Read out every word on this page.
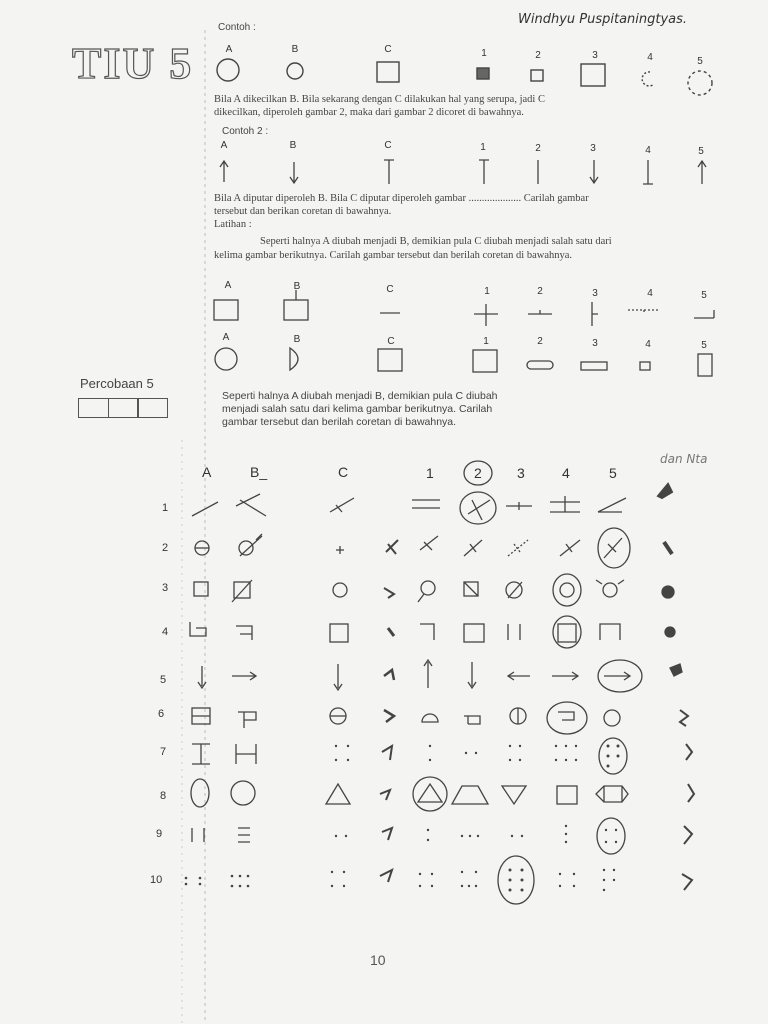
TIU 5
Windhyu Puspitaningtyas.
Contoh :
A	B	C	1	2	3	4	5
Bila A dikecilkan B. Bila sekarang dengan C dilakukan hal yang serupa, jadi C
dikecilkan, diperoleh gambar 2, maka dari gambar 2 dicoret di bawahnya.
Contoh 2 :
A	B	C	1	2	3	4	5
Bila A diputar diperoleh B. Bila C diputar diperoleh gambar .................... Carilah gambar
tersebut dan berikan coretan di bawahnya.
Latihan :
Seperti halnya A diubah menjadi B, demikian pula C diubah menjadi salah satu dari
kelima gambar berikutnya. Carilah gambar tersebut dan berilah coretan di bawahnya.
A	B	C	1	2	3	4	5
A	B	C	1	2	3	4	5
Percobaan 5
Seperti halnya A diubah menjadi B, demikian pula C diubah
menjadi salah satu dari kelima gambar berikutnya. Carilah
gambar tersebut dan berilah coretan di bawahnya.
A	B_	C	1	2	3	4	5
dan Nta
1
2
3
4
5
6
7
8
9
10
10
